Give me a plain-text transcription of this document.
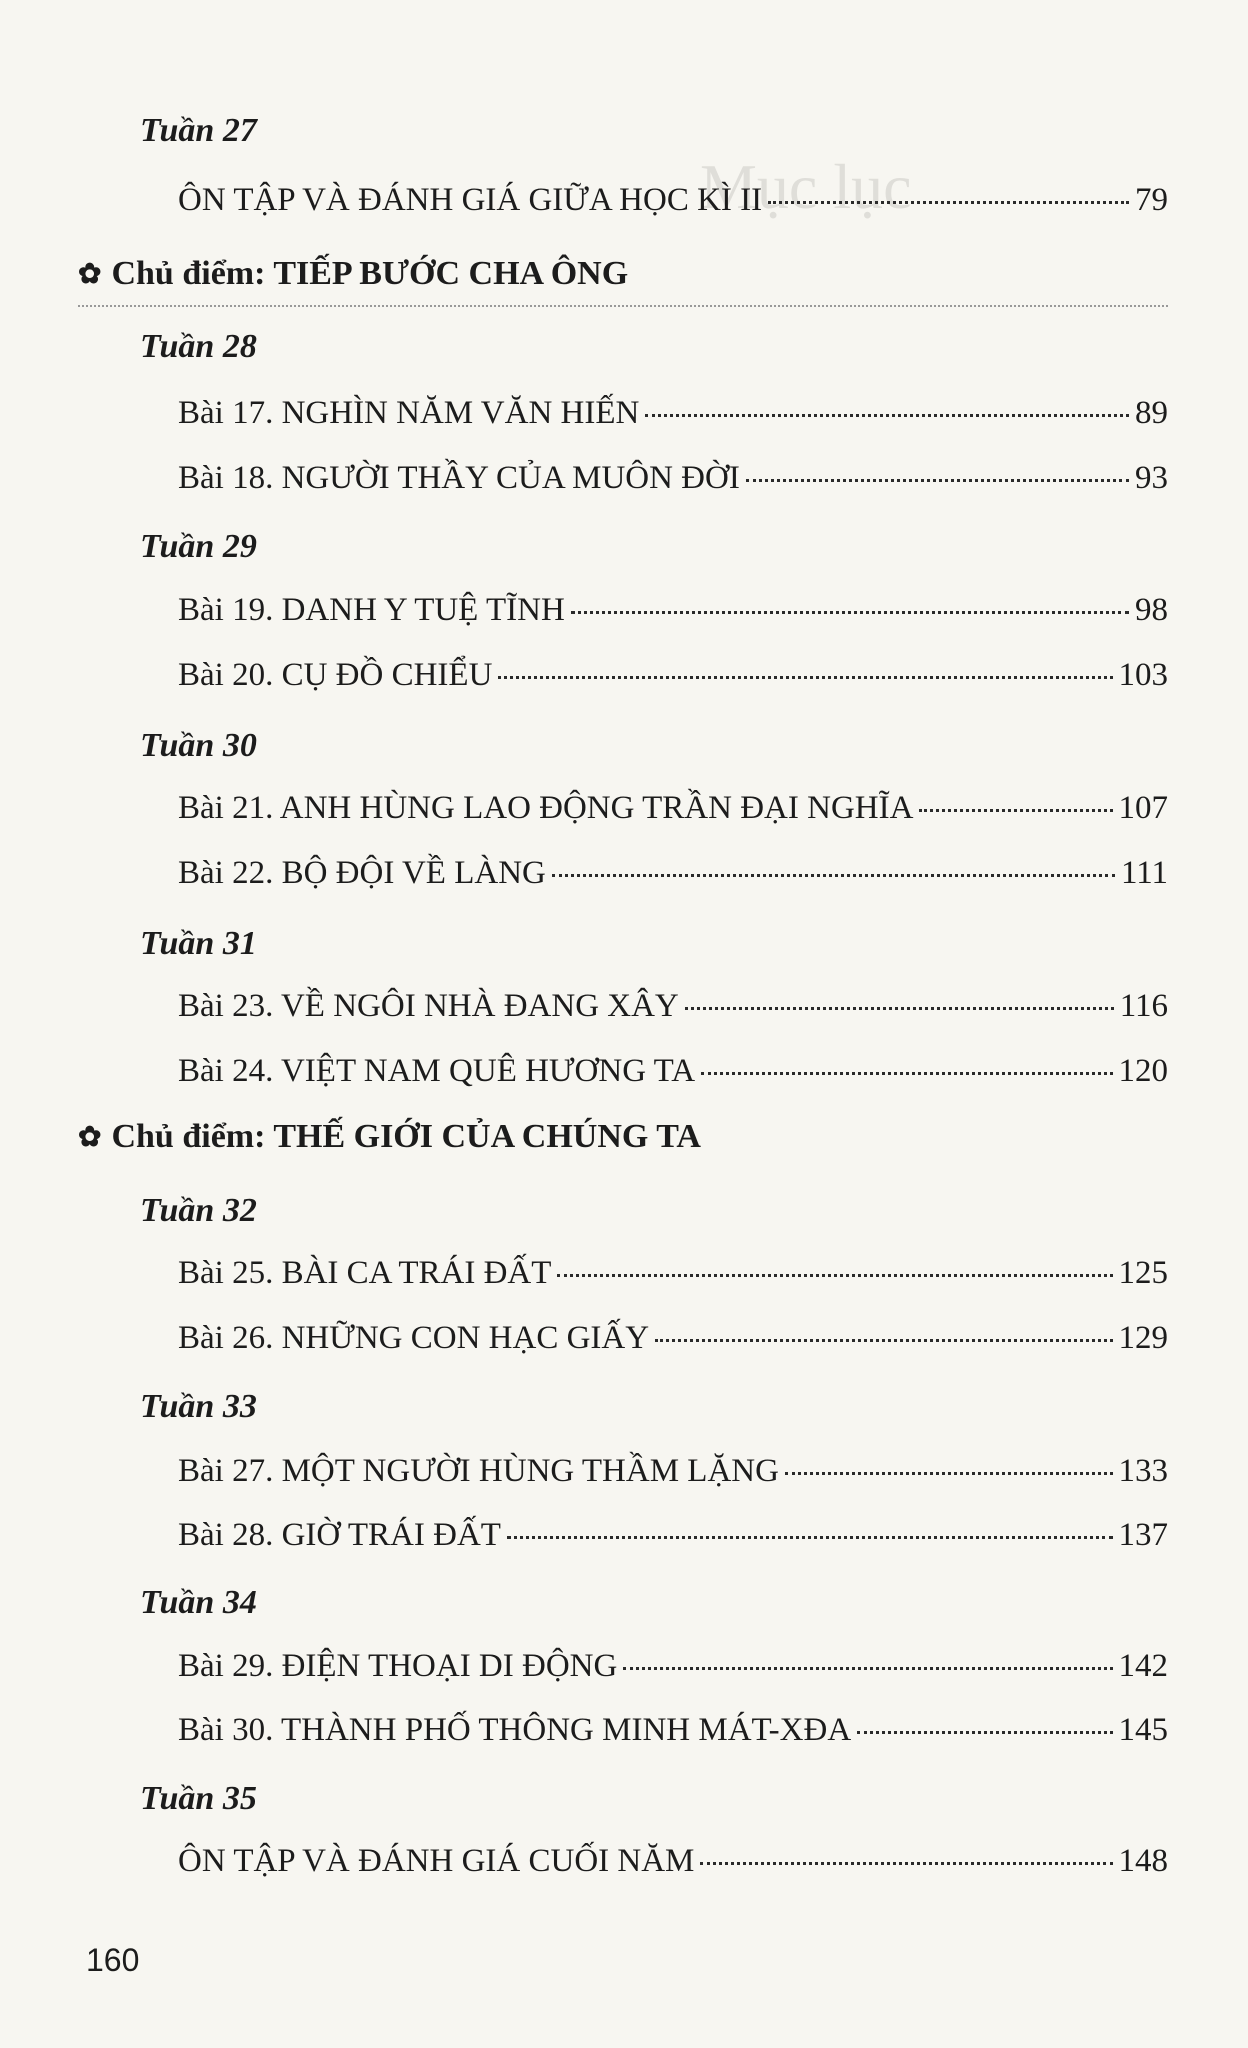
Mục lục
Tuần 27
ÔN TẬP VÀ ĐÁNH GIÁ GIỮA HỌC KÌ II	79
✿ Chủ điểm: TIẾP BƯỚC CHA ÔNG
Tuần 28
Bài 17. NGHÌN NĂM VĂN HIẾN	89
Bài 18. NGƯỜI THẦY CỦA MUÔN ĐỜI	93
Tuần 29
Bài 19. DANH Y TUỆ TĨNH	98
Bài 20. CỤ ĐỒ CHIỂU	103
Tuần 30
Bài 21. ANH HÙNG LAO ĐỘNG TRẦN ĐẠI NGHĨA	107
Bài 22. BỘ ĐỘI VỀ LÀNG	111
Tuần 31
Bài 23. VỀ NGÔI NHÀ ĐANG XÂY	116
Bài 24. VIỆT NAM QUÊ HƯƠNG TA	120
✿ Chủ điểm: THẾ GIỚI CỦA CHÚNG TA
Tuần 32
Bài 25. BÀI CA TRÁI ĐẤT	125
Bài 26. NHỮNG CON HẠC GIẤY	129
Tuần 33
Bài 27. MỘT NGƯỜI HÙNG THẦM LẶNG	133
Bài 28. GIỜ TRÁI ĐẤT	137
Tuần 34
Bài 29. ĐIỆN THOẠI DI ĐỘNG	142
Bài 30. THÀNH PHỐ THÔNG MINH MÁT-XĐA	145
Tuần 35
ÔN TẬP VÀ ĐÁNH GIÁ CUỐI NĂM	148
160
